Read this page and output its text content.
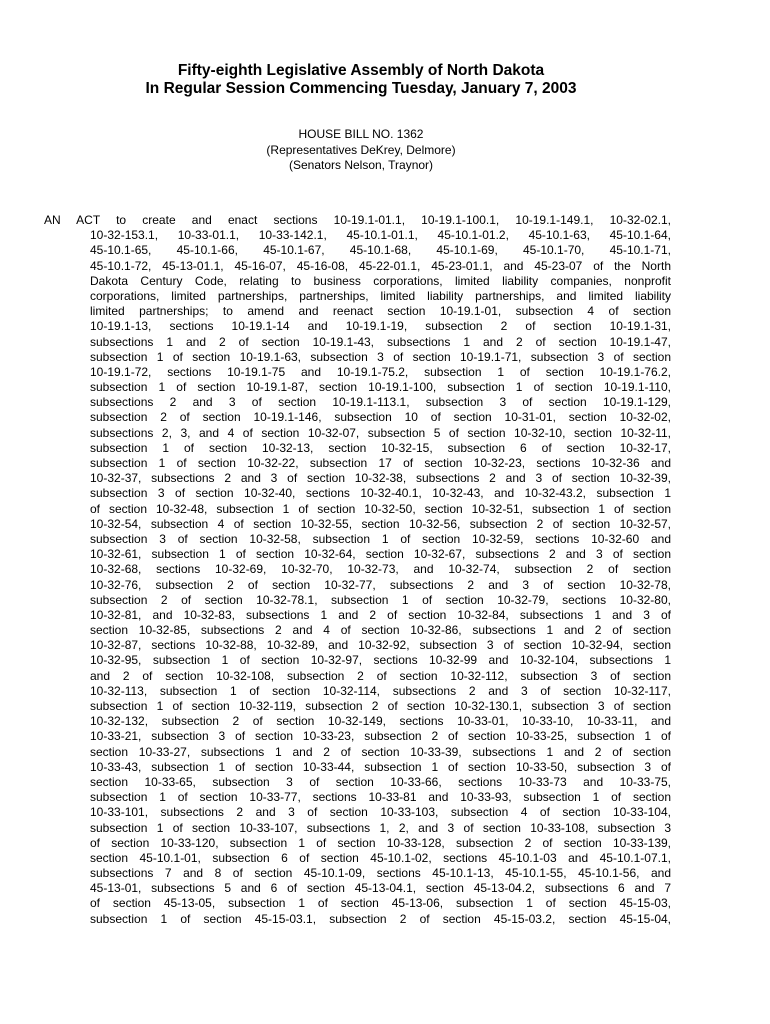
Fifty-eighth Legislative Assembly of North Dakota
In Regular Session Commencing Tuesday, January 7, 2003
HOUSE BILL NO. 1362
(Representatives DeKrey, Delmore)
(Senators Nelson, Traynor)
AN ACT to create and enact sections 10-19.1-01.1, 10-19.1-100.1, 10-19.1-149.1, 10-32-02.1,
10-32-153.1, 10-33-01.1, 10-33-142.1, 45-10.1-01.1, 45-10.1-01.2, 45-10.1-63, 45-10.1-64,
45-10.1-65, 45-10.1-66, 45-10.1-67, 45-10.1-68, 45-10.1-69, 45-10.1-70, 45-10.1-71,
45-10.1-72, 45-13-01.1, 45-16-07, 45-16-08, 45-22-01.1, 45-23-01.1, and 45-23-07 of the North
Dakota Century Code, relating to business corporations, limited liability companies, nonprofit
corporations, limited partnerships, partnerships, limited liability partnerships, and limited liability
limited partnerships; to amend and reenact section 10-19.1-01, subsection 4 of section
10-19.1-13, sections 10-19.1-14 and 10-19.1-19, subsection 2 of section 10-19.1-31,
subsections 1 and 2 of section 10-19.1-43, subsections 1 and 2 of section 10-19.1-47,
subsection 1 of section 10-19.1-63, subsection 3 of section 10-19.1-71, subsection 3 of section
10-19.1-72, sections 10-19.1-75 and 10-19.1-75.2, subsection 1 of section 10-19.1-76.2,
subsection 1 of section 10-19.1-87, section 10-19.1-100, subsection 1 of section 10-19.1-110,
subsections 2 and 3 of section 10-19.1-113.1, subsection 3 of section 10-19.1-129,
subsection 2 of section 10-19.1-146, subsection 10 of section 10-31-01, section 10-32-02,
subsections 2, 3, and 4 of section 10-32-07, subsection 5 of section 10-32-10, section 10-32-11,
subsection 1 of section 10-32-13, section 10-32-15, subsection 6 of section 10-32-17,
subsection 1 of section 10-32-22, subsection 17 of section 10-32-23, sections 10-32-36 and
10-32-37, subsections 2 and 3 of section 10-32-38, subsections 2 and 3 of section 10-32-39,
subsection 3 of section 10-32-40, sections 10-32-40.1, 10-32-43, and 10-32-43.2, subsection 1
of section 10-32-48, subsection 1 of section 10-32-50, section 10-32-51, subsection 1 of section
10-32-54, subsection 4 of section 10-32-55, section 10-32-56, subsection 2 of section 10-32-57,
subsection 3 of section 10-32-58, subsection 1 of section 10-32-59, sections 10-32-60 and
10-32-61, subsection 1 of section 10-32-64, section 10-32-67, subsections 2 and 3 of section
10-32-68, sections 10-32-69, 10-32-70, 10-32-73, and 10-32-74, subsection 2 of section
10-32-76, subsection 2 of section 10-32-77, subsections 2 and 3 of section 10-32-78,
subsection 2 of section 10-32-78.1, subsection 1 of section 10-32-79, sections 10-32-80,
10-32-81, and 10-32-83, subsections 1 and 2 of section 10-32-84, subsections 1 and 3 of
section 10-32-85, subsections 2 and 4 of section 10-32-86, subsections 1 and 2 of section
10-32-87, sections 10-32-88, 10-32-89, and 10-32-92, subsection 3 of section 10-32-94, section
10-32-95, subsection 1 of section 10-32-97, sections 10-32-99 and 10-32-104, subsections 1
and 2 of section 10-32-108, subsection 2 of section 10-32-112, subsection 3 of section
10-32-113, subsection 1 of section 10-32-114, subsections 2 and 3 of section 10-32-117,
subsection 1 of section 10-32-119, subsection 2 of section 10-32-130.1, subsection 3 of section
10-32-132, subsection 2 of section 10-32-149, sections 10-33-01, 10-33-10, 10-33-11, and
10-33-21, subsection 3 of section 10-33-23, subsection 2 of section 10-33-25, subsection 1 of
section 10-33-27, subsections 1 and 2 of section 10-33-39, subsections 1 and 2 of section
10-33-43, subsection 1 of section 10-33-44, subsection 1 of section 10-33-50, subsection 3 of
section 10-33-65, subsection 3 of section 10-33-66, sections 10-33-73 and 10-33-75,
subsection 1 of section 10-33-77, sections 10-33-81 and 10-33-93, subsection 1 of section
10-33-101, subsections 2 and 3 of section 10-33-103, subsection 4 of section 10-33-104,
subsection 1 of section 10-33-107, subsections 1, 2, and 3 of section 10-33-108, subsection 3
of section 10-33-120, subsection 1 of section 10-33-128, subsection 2 of section 10-33-139,
section 45-10.1-01, subsection 6 of section 45-10.1-02, sections 45-10.1-03 and 45-10.1-07.1,
subsections 7 and 8 of section 45-10.1-09, sections 45-10.1-13, 45-10.1-55, 45-10.1-56, and
45-13-01, subsections 5 and 6 of section 45-13-04.1, section 45-13-04.2, subsections 6 and 7
of section 45-13-05, subsection 1 of section 45-13-06, subsection 1 of section 45-15-03,
subsection 1 of section 45-15-03.1, subsection 2 of section 45-15-03.2, section 45-15-04,
